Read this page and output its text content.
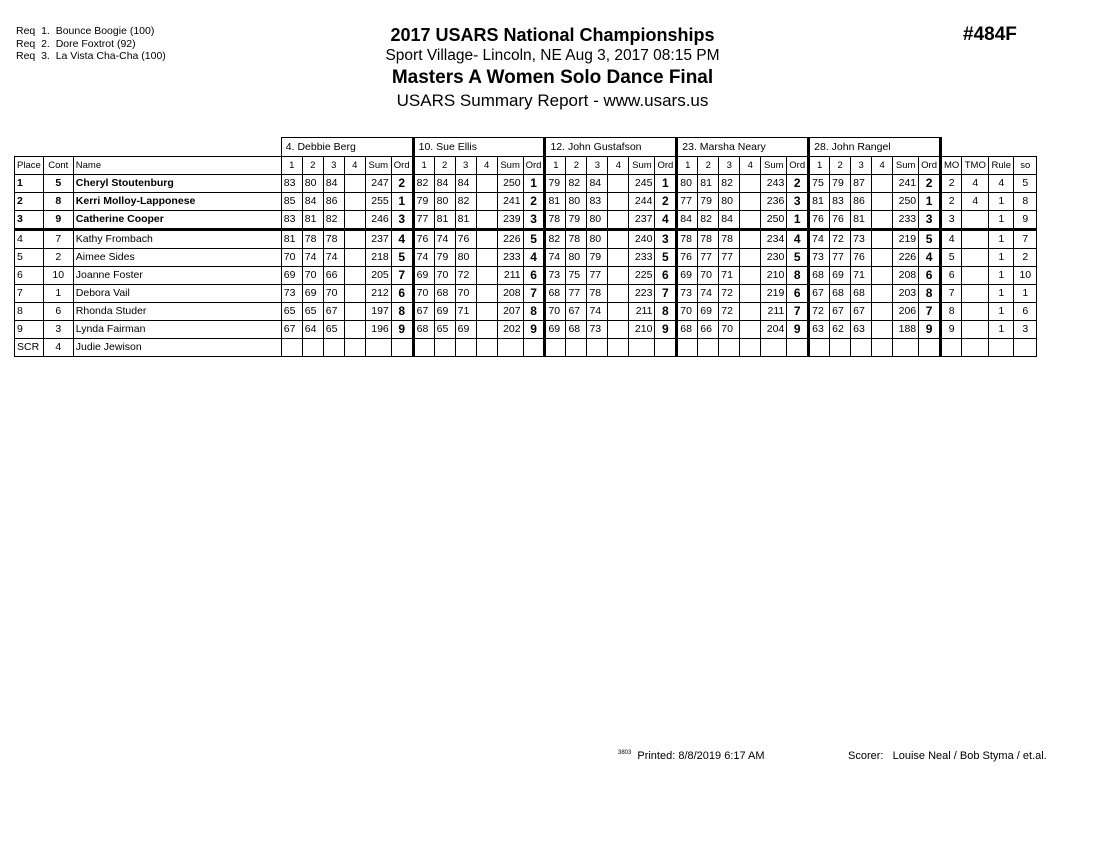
Req  1.  Bounce Boogie (100)
Req  2.  Dore Foxtrot (92)
Req  3.  La Vista Cha-Cha (100)
2017 USARS National Championships
Sport Village- Lincoln, NE Aug 3, 2017 08:15 PM
Masters A Women Solo Dance Final
USARS Summary Report - www.usars.us
#484F
			4. Debbie Berg						10. Sue Ellis						12. John Gustafson						23. Marsha Neary						28. John Rangel									
Place	Cont	Name	1	2	3	4	Sum	Ord	1	2	3	4	Sum	Ord	1	2	3	4	Sum	Ord	1	2	3	4	Sum	Ord	1	2	3	4	Sum	Ord	MO	TMO	Rule	so
1	5	Cheryl Stoutenburg	83	80	84		247	2	82	84	84		250	1	79	82	84		245	1	80	81	82		243	2	75	79	87		241	2	2	4	4	5
2	8	Kerri Molloy-Lapponese	85	84	86		255	1	79	80	82		241	2	81	80	83		244	2	77	79	80		236	3	81	83	86		250	1	2	4	1	8
3	9	Catherine Cooper	83	81	82		246	3	77	81	81		239	3	78	79	80		237	4	84	82	84		250	1	76	76	81		233	3	3		1	9
4	7	Kathy Frombach	81	78	78		237	4	76	74	76		226	5	82	78	80		240	3	78	78	78		234	4	74	72	73		219	5	4		1	7
5	2	Aimee Sides	70	74	74		218	5	74	79	80		233	4	74	80	79		233	5	76	77	77		230	5	73	77	76		226	4	5		1	2
6	10	Joanne Foster	69	70	66		205	7	69	70	72		211	6	73	75	77		225	6	69	70	71		210	8	68	69	71		208	6	6		1	10
7	1	Debora Vail	73	69	70		212	6	70	68	70		208	7	68	77	78		223	7	73	74	72		219	6	67	68	68		203	8	7		1	1
8	6	Rhonda Studer	65	65	67		197	8	67	69	71		207	8	70	67	74		211	8	70	69	72		211	7	72	67	67		206	7	8		1	6
9	3	Lynda Fairman	67	64	65		196	9	68	65	69		202	9	69	68	73		210	9	68	66	70		204	9	63	62	63		188	9	9		1	3
SCR	4	Judie Jewison																																		
$^{3803}$ Printed: 8/8/2019 6:17 AM	Scorer:   Louise Neal / Bob Styma / et.al.
